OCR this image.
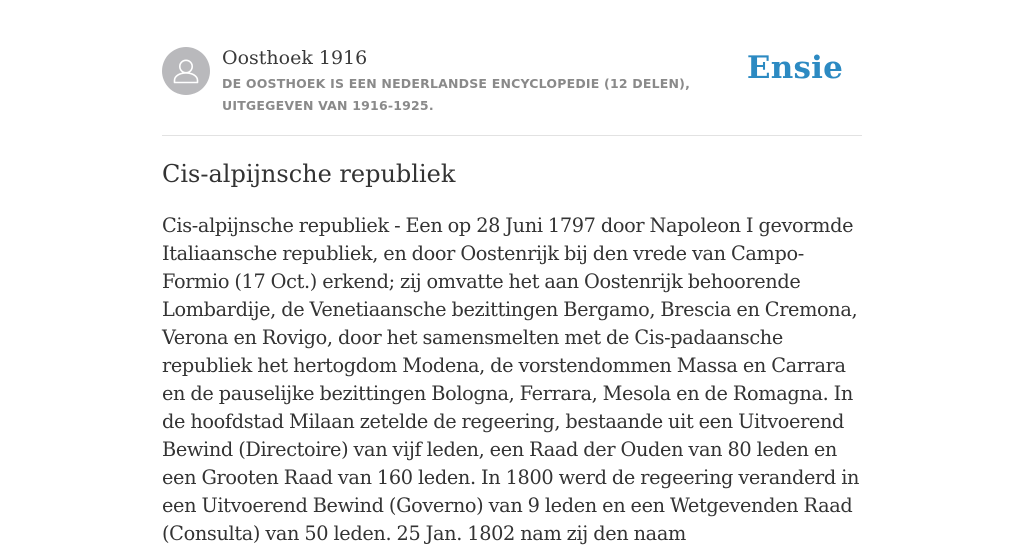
Oosthoek 1916
DE OOSTHOEK IS EEN NEDERLANDSE ENCYCLOPEDIE (12 DELEN), UITGEGEVEN VAN 1916-1925.
Ensie
Cis-alpijnsche republiek

Cis-alpijnsche republiek - Een op 28 Juni 1797 door Napoleon I gevormde Italiaansche republiek, en door Oostenrijk bij den vrede van Campo-Formio (17 Oct.) erkend; zij omvatte het aan Oostenrijk behoorende Lombardije, de Venetiaansche bezittingen Bergamo, Brescia en Cremona, Verona en Rovigo, door het samensmelten met de Cis-padaansche republiek het hertogdom Modena, de vorstendommen Massa en Carrara en de pauselijke bezittingen Bologna, Ferrara, Mesola en de Romagna. In de hoofdstad Milaan zetelde de regeering, bestaande uit een Uitvoerend Bewind (Directoire) van vijf leden, een Raad der Ouden van 80 leden en een Grooten Raad van 160 leden. In 1800 werd de regeering veranderd in een Uitvoerend Bewind (Governo) van 9 leden en een Wetgevenden Raad (Consulta) van 50 leden. 25 Jan. 1802 nam zij den naam
